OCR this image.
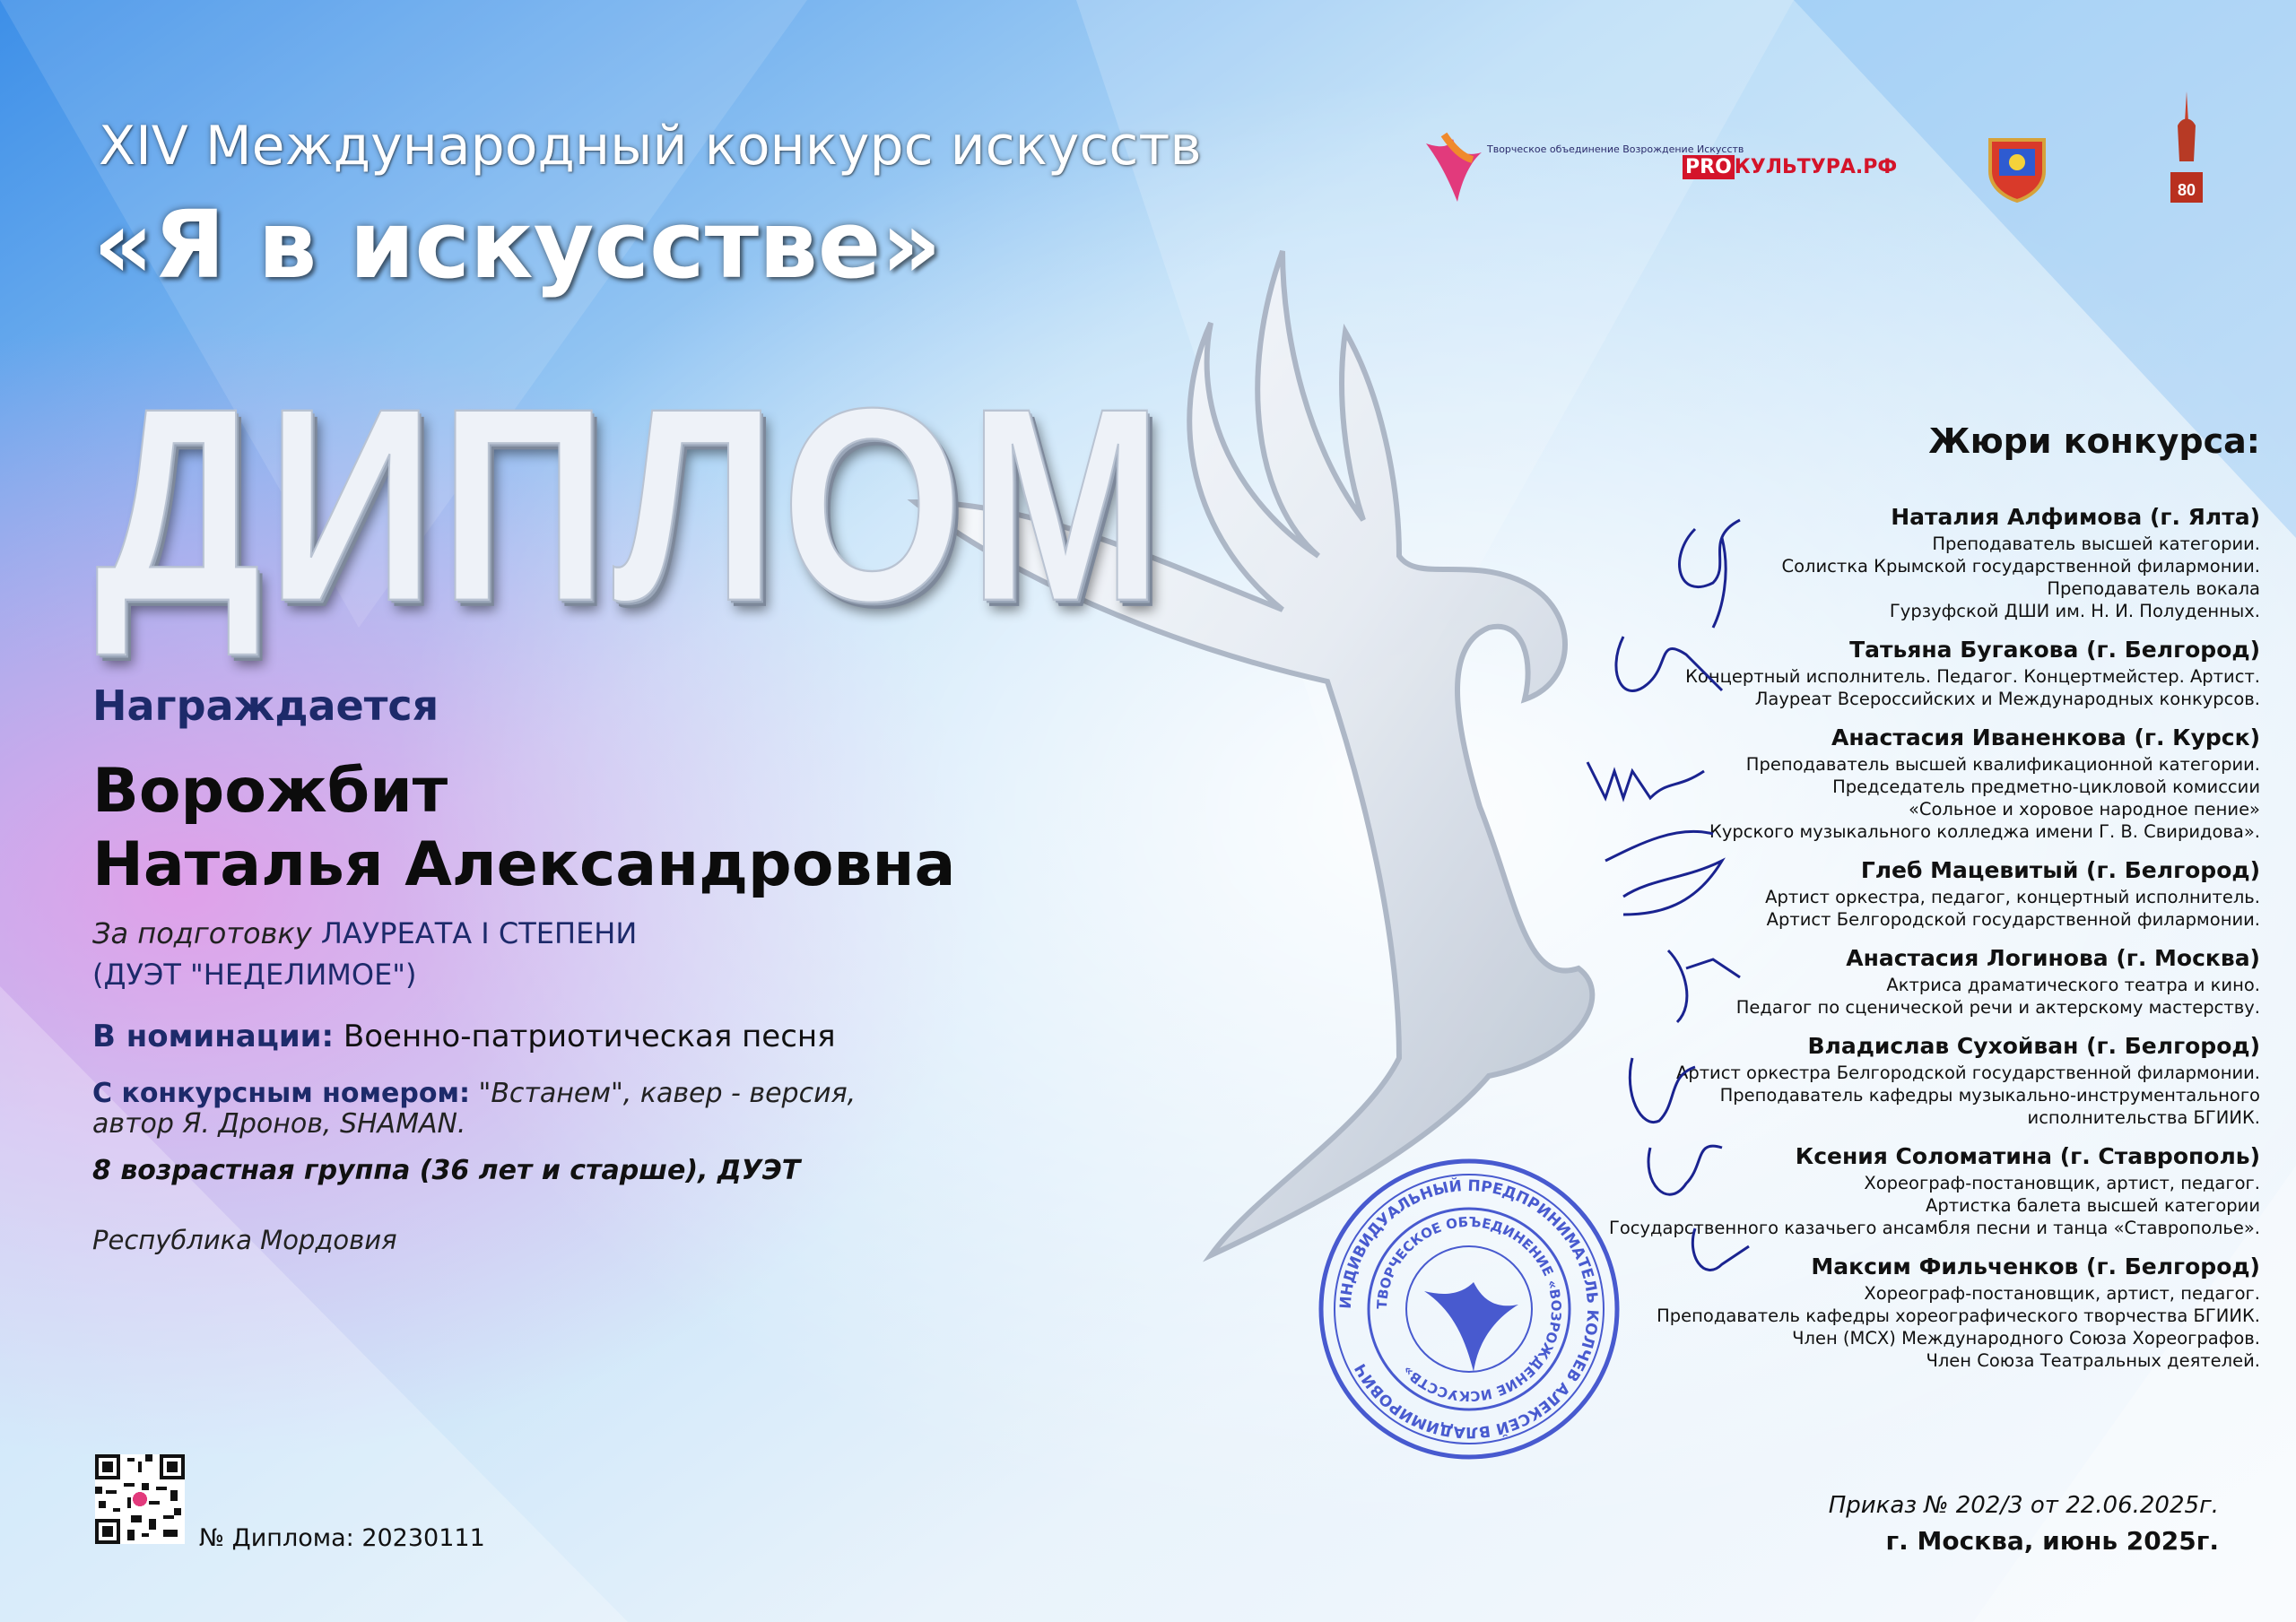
XIV Международный конкурс искусств
«Я в искусстве»
ДИПЛОМ
Творческое объединение Возрождение Искусств
PRO КУЛЬТУРА.РФ
80
Награждается
Ворожбит
Наталья Александровна
За подготовку ЛАУРЕАТА I СТЕПЕНИ
(ДУЭТ "НЕДЕЛИМОЕ")
В номинации: Военно-патриотическая песня
С конкурсным номером: "Встанем", кавер - версия,
автор Я. Дронов, SHAMAN.
8 возрастная группа (36 лет и старше), ДУЭТ
Республика Мордовия
№ Диплома: 20230111
Жюри конкурса:
Наталия Алфимова (г. Ялта)
Преподаватель высшей категории.
Солистка Крымской государственной филармонии.
Преподаватель вокала
Гурзуфской ДШИ им. Н. И. Полуденных.
Татьяна Бугакова (г. Белгород)
Концертный исполнитель. Педагог. Концертмейстер. Артист.
Лауреат Всероссийских и Международных конкурсов.
Анастасия Иваненкова (г. Курск)
Преподаватель высшей квалификационной категории.
Председатель предметно-цикловой комиссии
«Сольное и хоровое народное пение»
Курского музыкального колледжа имени Г. В. Свиридова».
Глеб Мацевитый (г. Белгород)
Артист оркестра, педагог, концертный исполнитель.
Артист Белгородской государственной филармонии.
Анастасия Логинова (г. Москва)
Актриса драматического театра и кино.
Педагог по сценической речи и актерскому мастерству.
Владислав Сухойван (г. Белгород)
Артист оркестра Белгородской государственной филармонии.
Преподаватель кафедры музыкально-инструментального
исполнительства БГИИК.
Ксения Соломатина (г. Ставрополь)
Хореограф-постановщик, артист, педагог.
Артистка балета высшей категории
Государственного казачьего ансамбля песни и танца «Ставрополье».
Максим Фильченков (г. Белгород)
Хореограф-постановщик, артист, педагог.
Преподаватель кафедры хореографического творчества БГИИК.
Член (МСХ) Международного Союза Хореографов.
Член Союза Театральных деятелей.
ИНДИВИДУАЛЬНЫЙ ПРЕДПРИНИМАТЕЛЬ КОЛЧЕВ АЛЕКСЕЙ ВЛАДИМИРОВИЧ
ТВОРЧЕСКОЕ ОБЪЕДИНЕНИЕ «ВОЗРОЖДЕНИЕ ИСКУССТВ»
Приказ № 202/3 от 22.06.2025г.
г. Москва, июнь 2025г.
